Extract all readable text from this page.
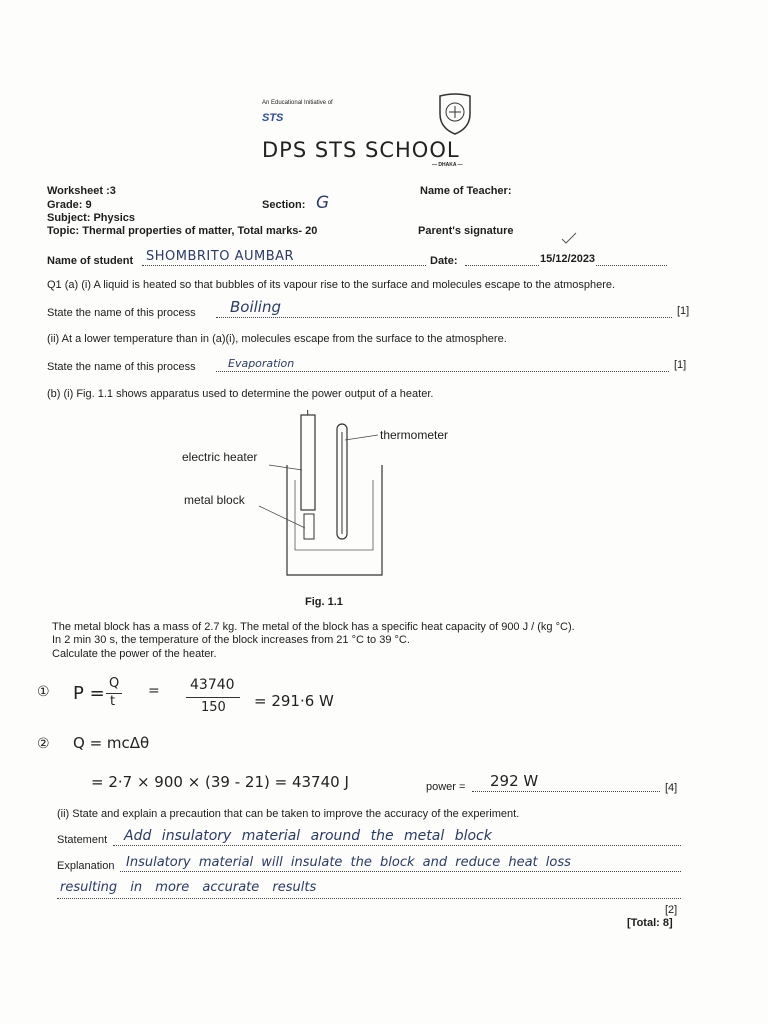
An Educational Initiative of
STS
DPS STS SCHOOL
— DHAKA —
Worksheet :3
Grade: 9
Subject: Physics
Topic: Thermal properties of matter, Total marks- 20
Section: G
Name of Teacher:
Parent's signature
Name of student SHOMBRITO AUMBAR	Date:	15/12/2023
Q1 (a) (i) A liquid is heated so that bubbles of its vapour rise to the surface and molecules escape to the atmosphere.
State the name of this process Boiling	[1]
(ii) At a lower temperature than in (a)(i), molecules escape from the surface to the atmosphere.
State the name of this process	Evaporation	[1]
(b) (i) Fig. 1.1 shows apparatus used to determine the power output of a heater.
thermometer
electric heater
metal block
Fig. 1.1
The metal block has a mass of 2.7 kg. The metal of the block has a specific heat capacity of 900 J / (kg °C).
In 2 min 30 s, the temperature of the block increases from 21 °C to 39 °C.
Calculate the power of the heater.
① P = Q
t
= 43740
150 = 291·6 W
② Q = mcΔθ
= 2·7 × 900 × (39 - 21) = 43740 J	power = 292 W	[4]
(ii) State and explain a precaution that can be taken to improve the accuracy of the experiment.
Statement Add insulatory material around the metal block
Explanation Insulatory material will insulate the block and reduce heat loss
resulting in more accurate results
[2]
[Total: 8]
